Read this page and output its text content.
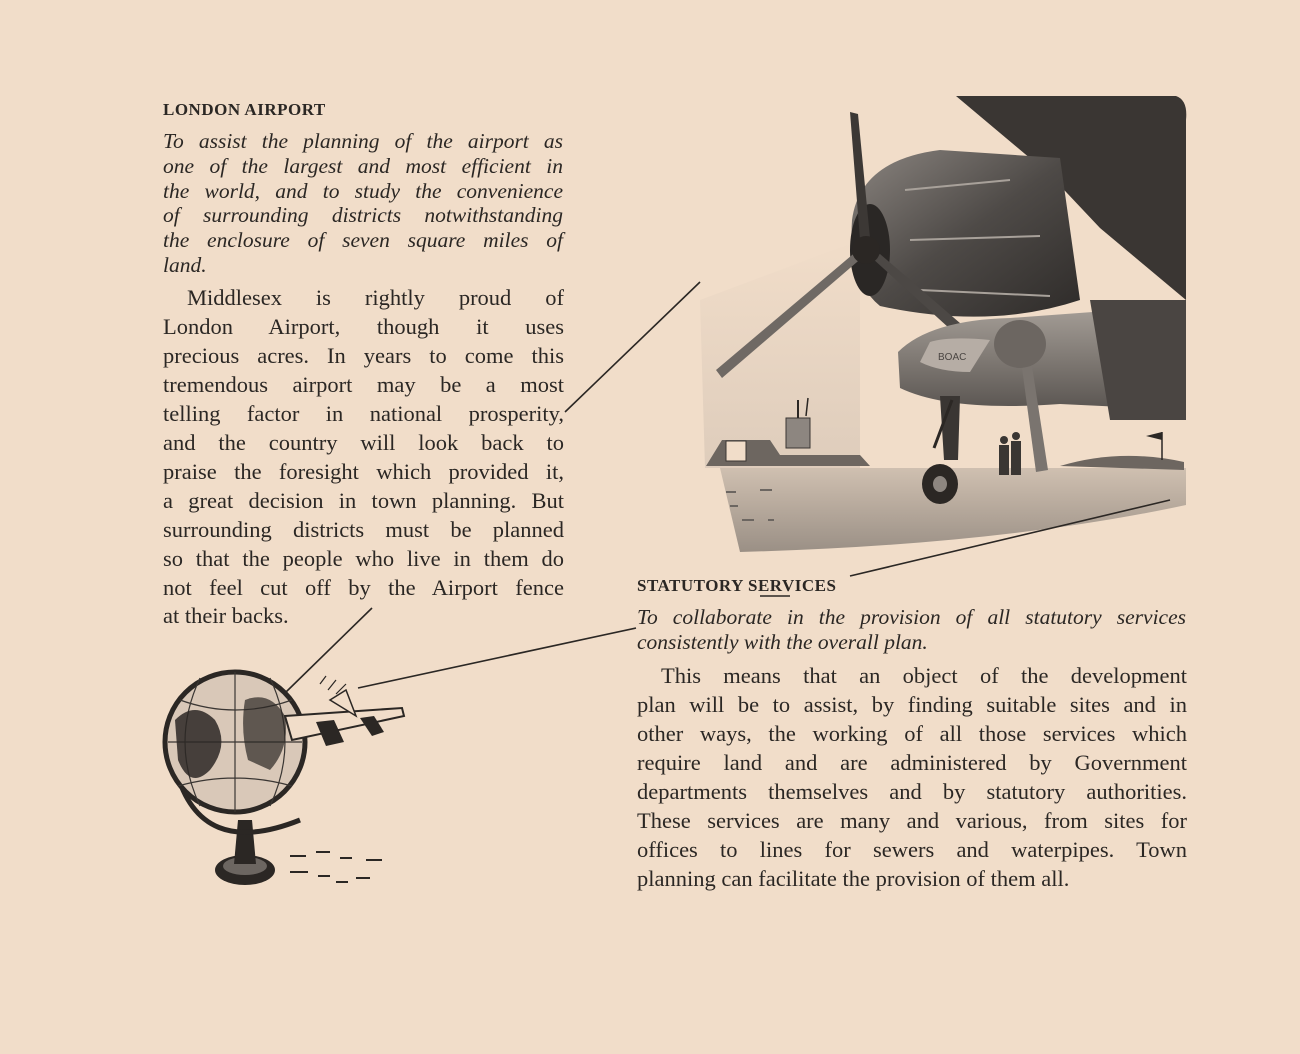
LONDON AIRPORT

To assist the planning of the airport as
one of the largest and most efficient in
the world, and to study the convenience
of surrounding districts notwithstanding
the enclosure of seven square miles of
land.

Middlesex is rightly proud of
London Airport, though it uses
precious acres. In years to come this
tremendous airport may be a most
telling factor in national prosperity,
and the country will look back to
praise the foresight which provided it,
a great decision in town planning. But
surrounding districts must be planned
so that the people who live in them do
not feel cut off by the Airport fence
at their backs.

STATUTORY SERVICES

To collaborate in the provision of all statutory services
consistently with the overall plan.

This means that an object of the development
plan will be to assist, by finding suitable sites and in
other ways, the working of all those services which
require land and are administered by Government
departments themselves and by statutory authorities.
These services are many and various, from sites for
offices to lines for sewers and waterpipes. Town
planning can facilitate the provision of them all.

BOAC
